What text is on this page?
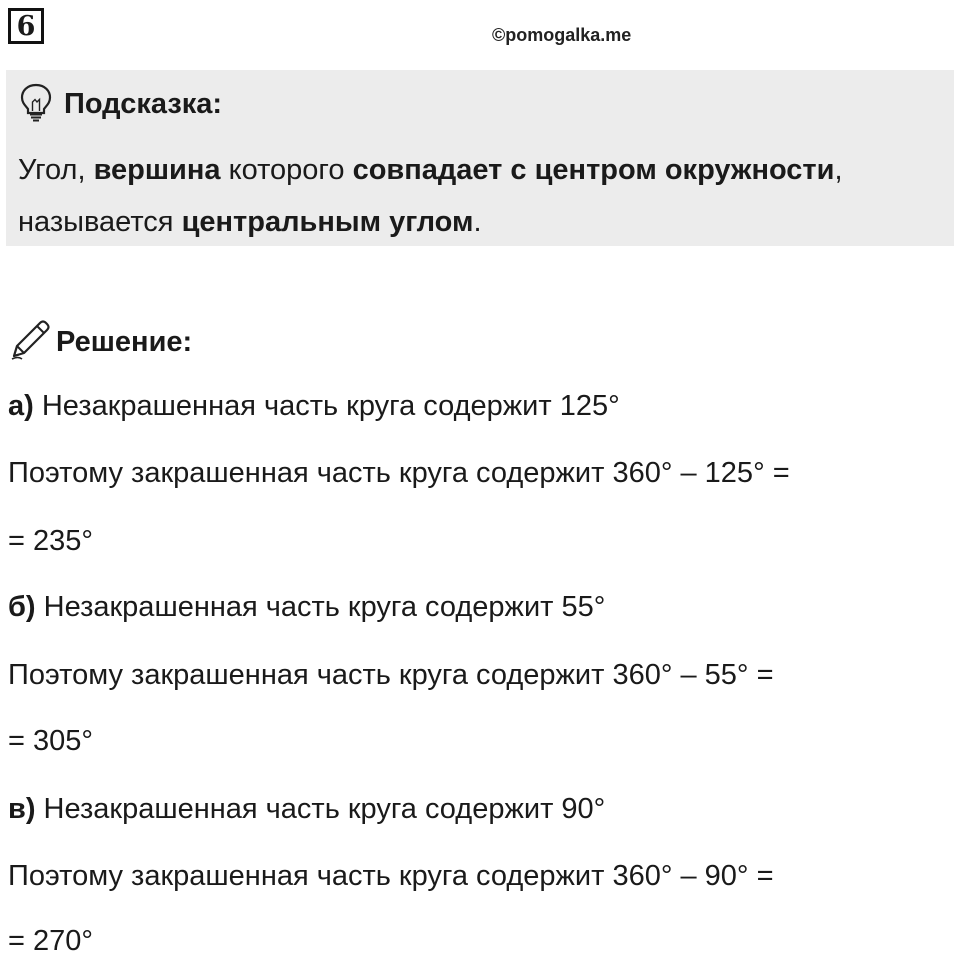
6	©pomogalka.me
Подсказка:
Угол, вершина которого совпадает с центром окружности,
называется центральным углом.
Решение:
а) Незакрашенная часть круга содержит 125°
Поэтому закрашенная часть круга содержит 360° – 125° =
= 235°
б) Незакрашенная часть круга содержит 55°
Поэтому закрашенная часть круга содержит 360° – 55° =
= 305°
в) Незакрашенная часть круга содержит 90°
Поэтому закрашенная часть круга содержит 360° – 90° =
= 270°
